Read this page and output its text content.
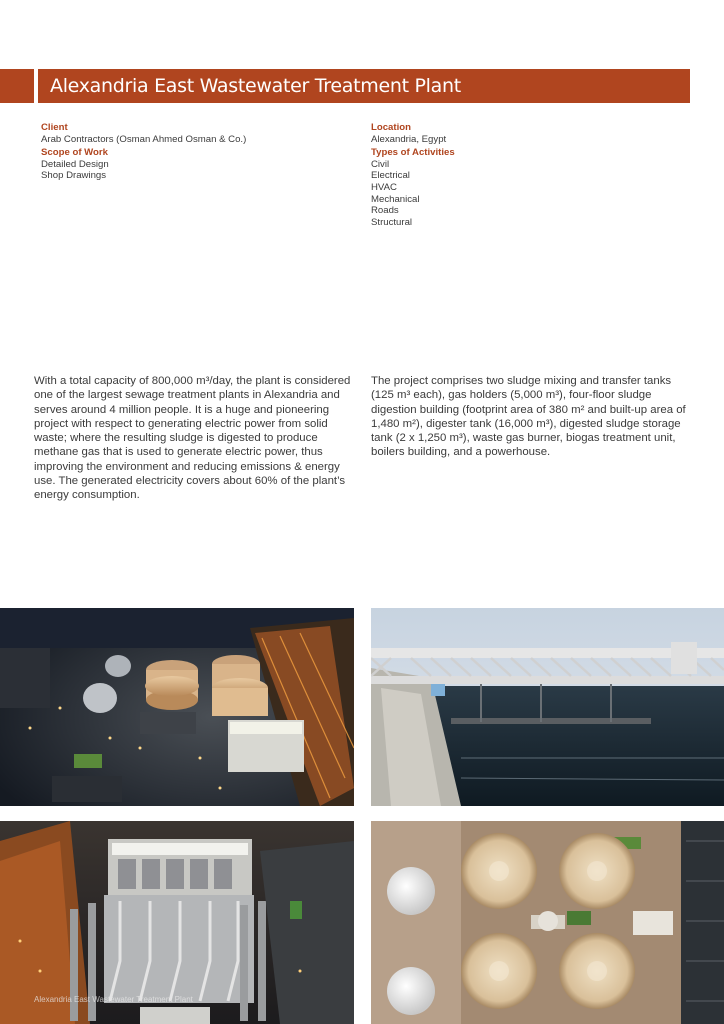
Alexandria East Wastewater Treatment Plant
Client
Arab Contractors (Osman Ahmed Osman & Co.)
Scope of Work
Detailed Design
Shop Drawings
Location
Alexandria, Egypt
Types of Activities
Civil
Electrical
HVAC
Mechanical
Roads
Structural

With a total capacity of 800,000 m³/day, the plant is considered one of the largest sewage treatment plants in Alexandria and serves around 4 million people. It is a huge and pioneering project with respect to generating electric power from solid waste; where the resulting sludge is digested to produce methane gas that is used to generate electric power, thus improving the environment and reducing emissions & energy use. The generated electricity covers about 60% of the plant’s energy consumption.

The project comprises two sludge mixing and transfer tanks (125 m³ each), gas holders (5,000 m³), four-floor sludge digestion building (footprint area of 380 m² and built-up area of 1,480 m²), digester tank (16,000 m³), digested sludge storage tank (2 x 1,250 m³), waste gas burner, biogas treatment unit, boilers building, and a powerhouse.

Alexandria East Wastewater Treatment Plant
